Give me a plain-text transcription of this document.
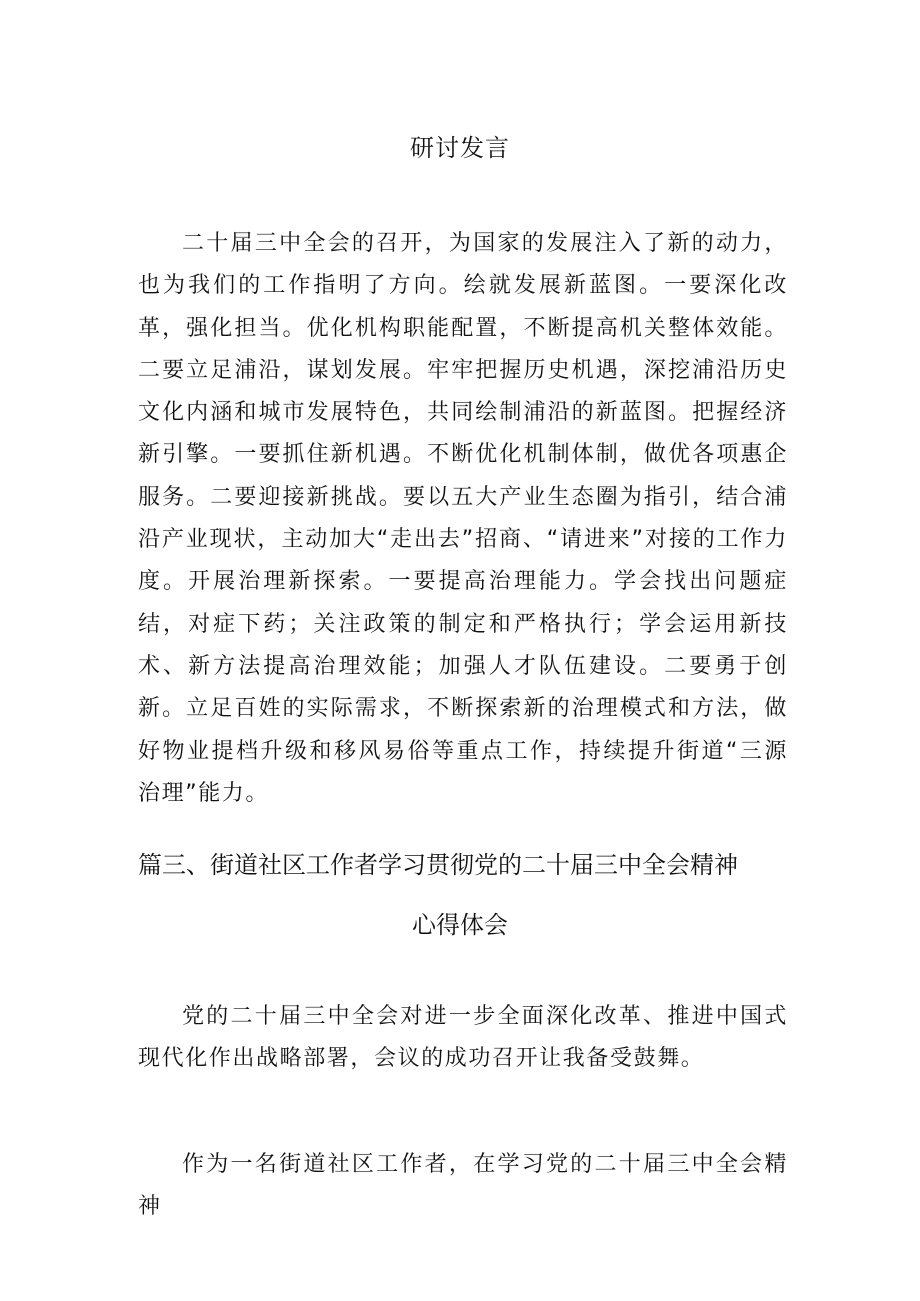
研讨发言
二十届三中全会的召开，为国家的发展注入了新的动力，也为我们的工作指明了方向。绘就发展新蓝图。一要深化改革，强化担当。优化机构职能配置，不断提高机关整体效能。二要立足浦沿，谋划发展。牢牢把握历史机遇，深挖浦沿历史文化内涵和城市发展特色，共同绘制浦沿的新蓝图。把握经济新引擎。一要抓住新机遇。不断优化机制体制，做优各项惠企服务。二要迎接新挑战。要以五大产业生态圈为指引，结合浦沿产业现状，主动加大“走出去”招商、“请进来”对接的工作力度。开展治理新探索。一要提高治理能力。学会找出问题症结，对症下药；关注政策的制定和严格执行；学会运用新技术、新方法提高治理效能；加强人才队伍建设。二要勇于创新。立足百姓的实际需求，不断探索新的治理模式和方法，做好物业提档升级和移风易俗等重点工作，持续提升街道“三源治理”能力。
篇三、街道社区工作者学习贯彻党的二十届三中全会精神
心得体会
党的二十届三中全会对进一步全面深化改革、推进中国式现代化作出战略部署，会议的成功召开让我备受鼓舞。
作为一名街道社区工作者，在学习党的二十届三中全会精神
